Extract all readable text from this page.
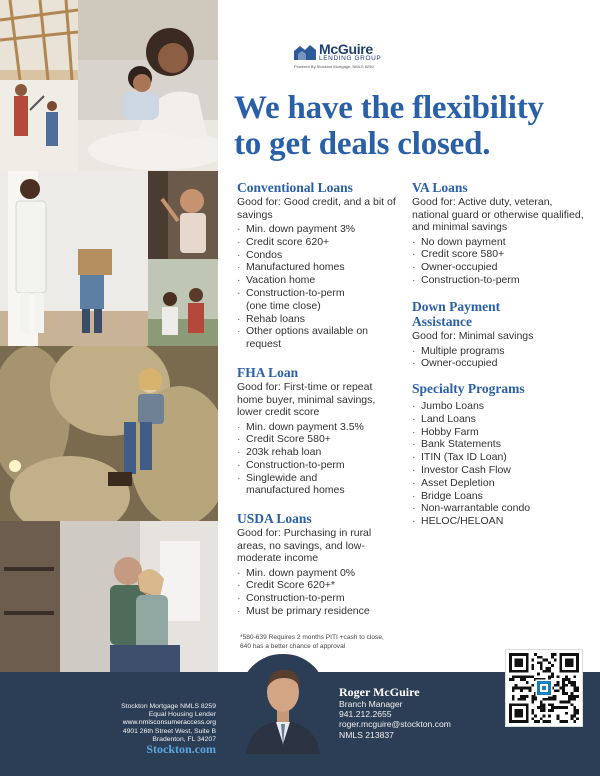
McGuire
LENDING GROUP
Powered By Stockton Mortgage, NMLS 8259
We have the flexibility
to get deals closed.
Conventional Loans
Good for: Good credit, and a bit of savings
· Min. down payment 3%
· Credit score 620+
· Condos
· Manufactured homes
· Vacation home
· Construction-to-perm (one time close)
· Rehab loans
· Other options available on request
FHA Loan
Good for: First-time or repeat home buyer, minimal savings, lower credit score
· Min. down payment 3.5%
· Credit Score 580+
· 203k rehab loan
· Construction-to-perm
· Singlewide and manufactured homes
USDA Loans
Good for: Purchasing in rural areas, no savings, and low-moderate income
· Min. down payment 0%
· Credit Score 620+*
· Construction-to-perm
· Must be primary residence
VA Loans
Good for: Active duty, veteran, national guard or otherwise qualified, and minimal savings
· No down payment
· Credit score 580+
· Owner-occupied
· Construction-to-perm
Down Payment
Assistance
Good for: Minimal savings
· Multiple programs
· Owner-occupied
Specialty Programs
· Jumbo Loans
· Land Loans
· Hobby Farm
· Bank Statements
· ITIN (Tax ID Loan)
· Investor Cash Flow
· Asset Depletion
· Bridge Loans
· Non-warrantable condo
· HELOC/HELOAN
*580-639 Requires 2 months PITI +cash to close,
640 has a better chance of approval
Stockton Mortgage NMLS 8259
Equal Housing Lender
www.nmlsconsumeraccess.org
4901 26th Street West, Suite B
Bradenton, FL 34207
Stockton.com
Roger McGuire
Branch Manager
941.212.2655
roger.mcguire@stockton.com
NMLS 213837
